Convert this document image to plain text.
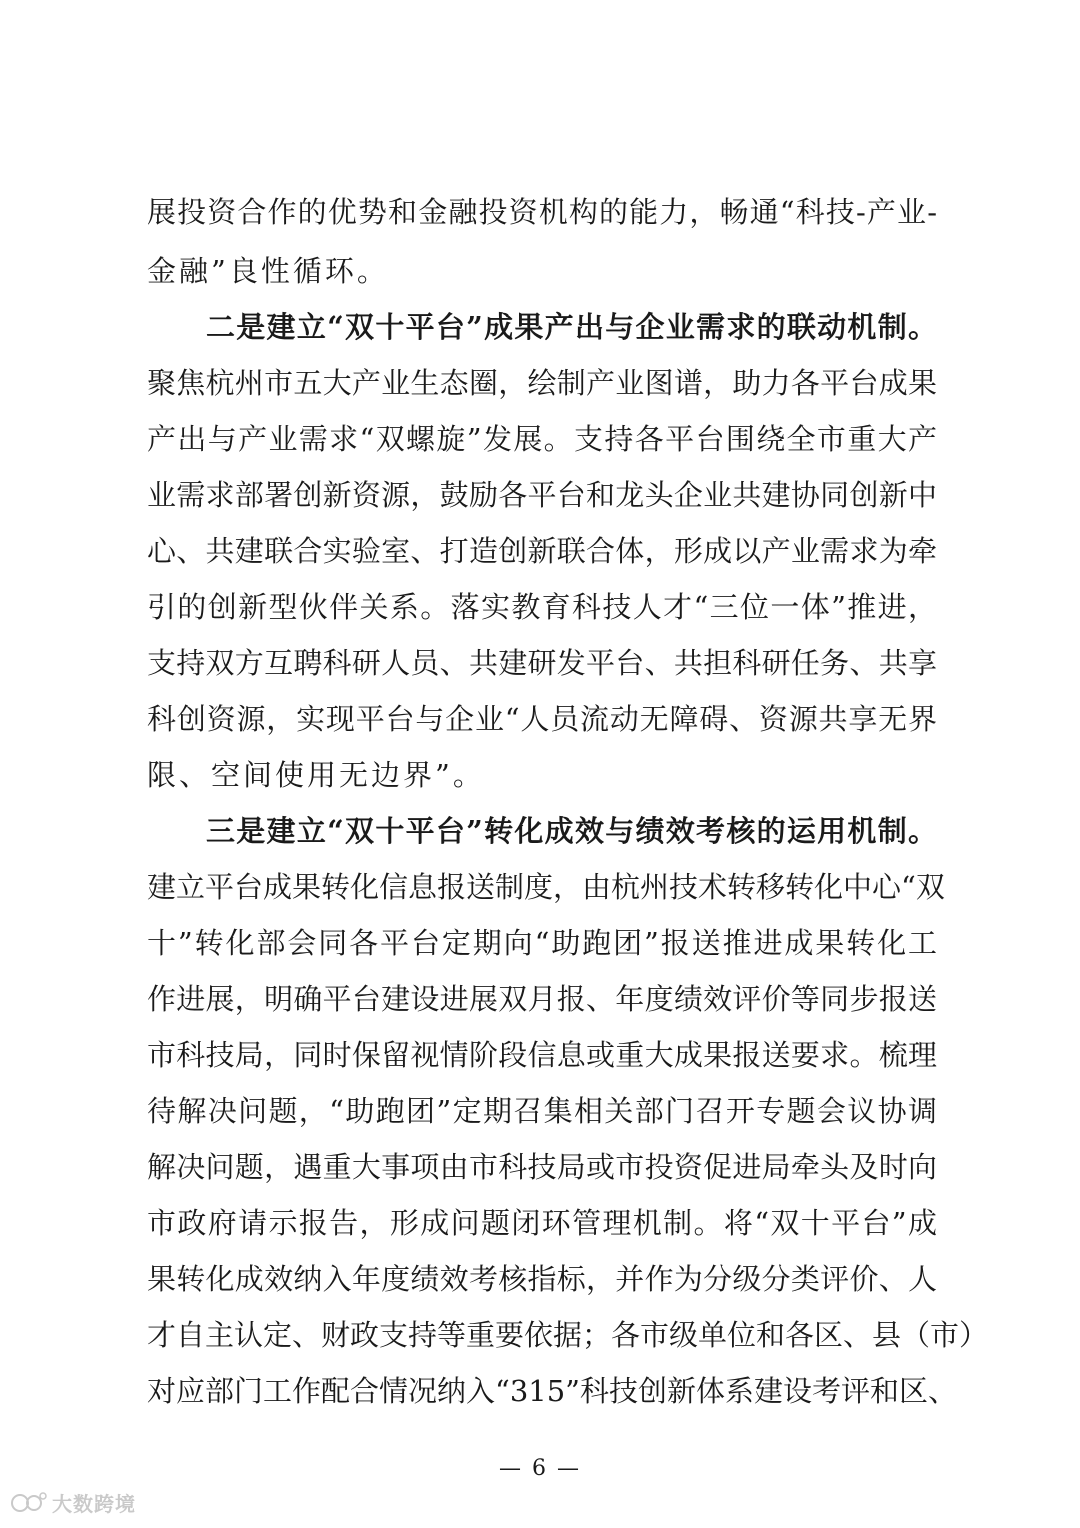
展投资合作的优势和金融投资机构的能力，畅通“科技-产业-
金融”良性循环。
二是建立“双十平台”成果产出与企业需求的联动机制。
聚焦杭州市五大产业生态圈，绘制产业图谱，助力各平台成果
产出与产业需求“双螺旋”发展。支持各平台围绕全市重大产
业需求部署创新资源，鼓励各平台和龙头企业共建协同创新中
心、共建联合实验室、打造创新联合体，形成以产业需求为牵
引的创新型伙伴关系。落实教育科技人才“三位一体”推进，
支持双方互聘科研人员、共建研发平台、共担科研任务、共享
科创资源，实现平台与企业“人员流动无障碍、资源共享无界
限、空间使用无边界”。
三是建立“双十平台”转化成效与绩效考核的运用机制。
建立平台成果转化信息报送制度，由杭州技术转移转化中心“双
十”转化部会同各平台定期向“助跑团”报送推进成果转化工
作进展，明确平台建设进展双月报、年度绩效评价等同步报送
市科技局，同时保留视情阶段信息或重大成果报送要求。梳理
待解决问题，“助跑团”定期召集相关部门召开专题会议协调
解决问题，遇重大事项由市科技局或市投资促进局牵头及时向
市政府请示报告，形成问题闭环管理机制。将“双十平台”成
果转化成效纳入年度绩效考核指标，并作为分级分类评价、人
才自主认定、财政支持等重要依据；各市级单位和各区、县（市）
对应部门工作配合情况纳入“315”科技创新体系建设考评和区、
— 6 —
大数跨境
